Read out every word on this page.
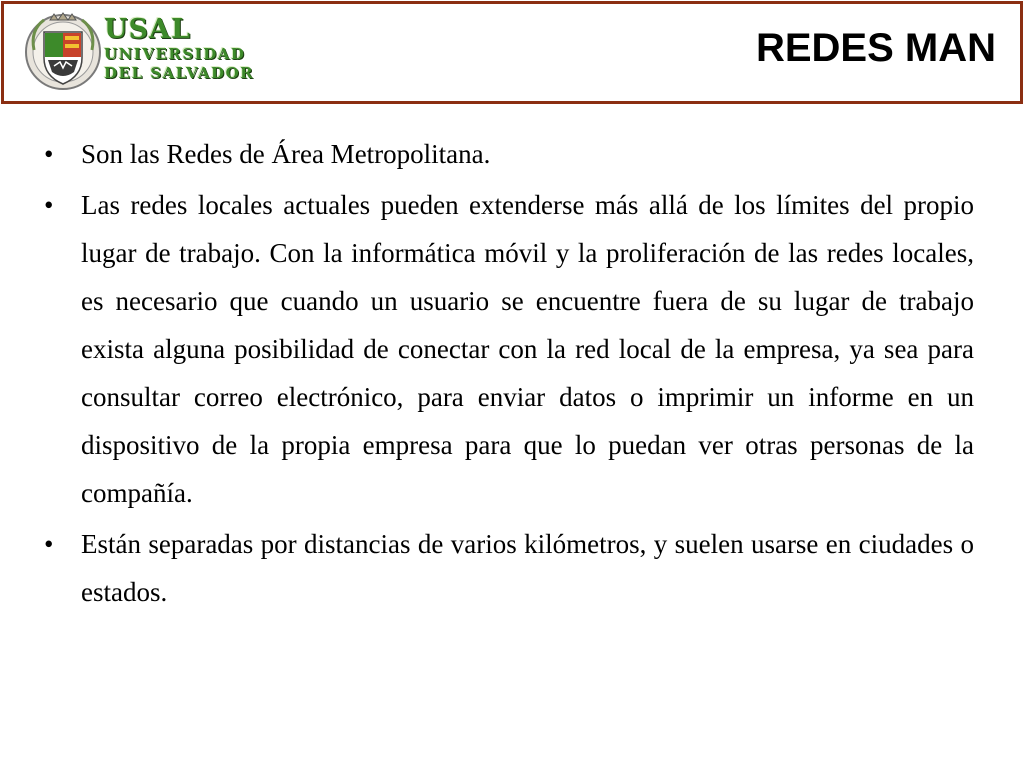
USAL
UNIVERSIDAD
DEL SALVADOR
REDES MAN
• Son las Redes de Área Metropolitana.
• Las redes locales actuales pueden extenderse más allá de los límites del propio lugar de trabajo. Con la informática móvil y la proliferación de las redes locales, es necesario que cuando un usuario se encuentre fuera de su lugar de trabajo exista alguna posibilidad de conectar con la red local de la empresa, ya sea para consultar correo electrónico, para enviar datos o imprimir un informe en un dispositivo de la propia empresa para que lo puedan ver otras personas de la compañía.
• Están separadas por distancias de varios kilómetros, y suelen usarse en ciudades o estados.
